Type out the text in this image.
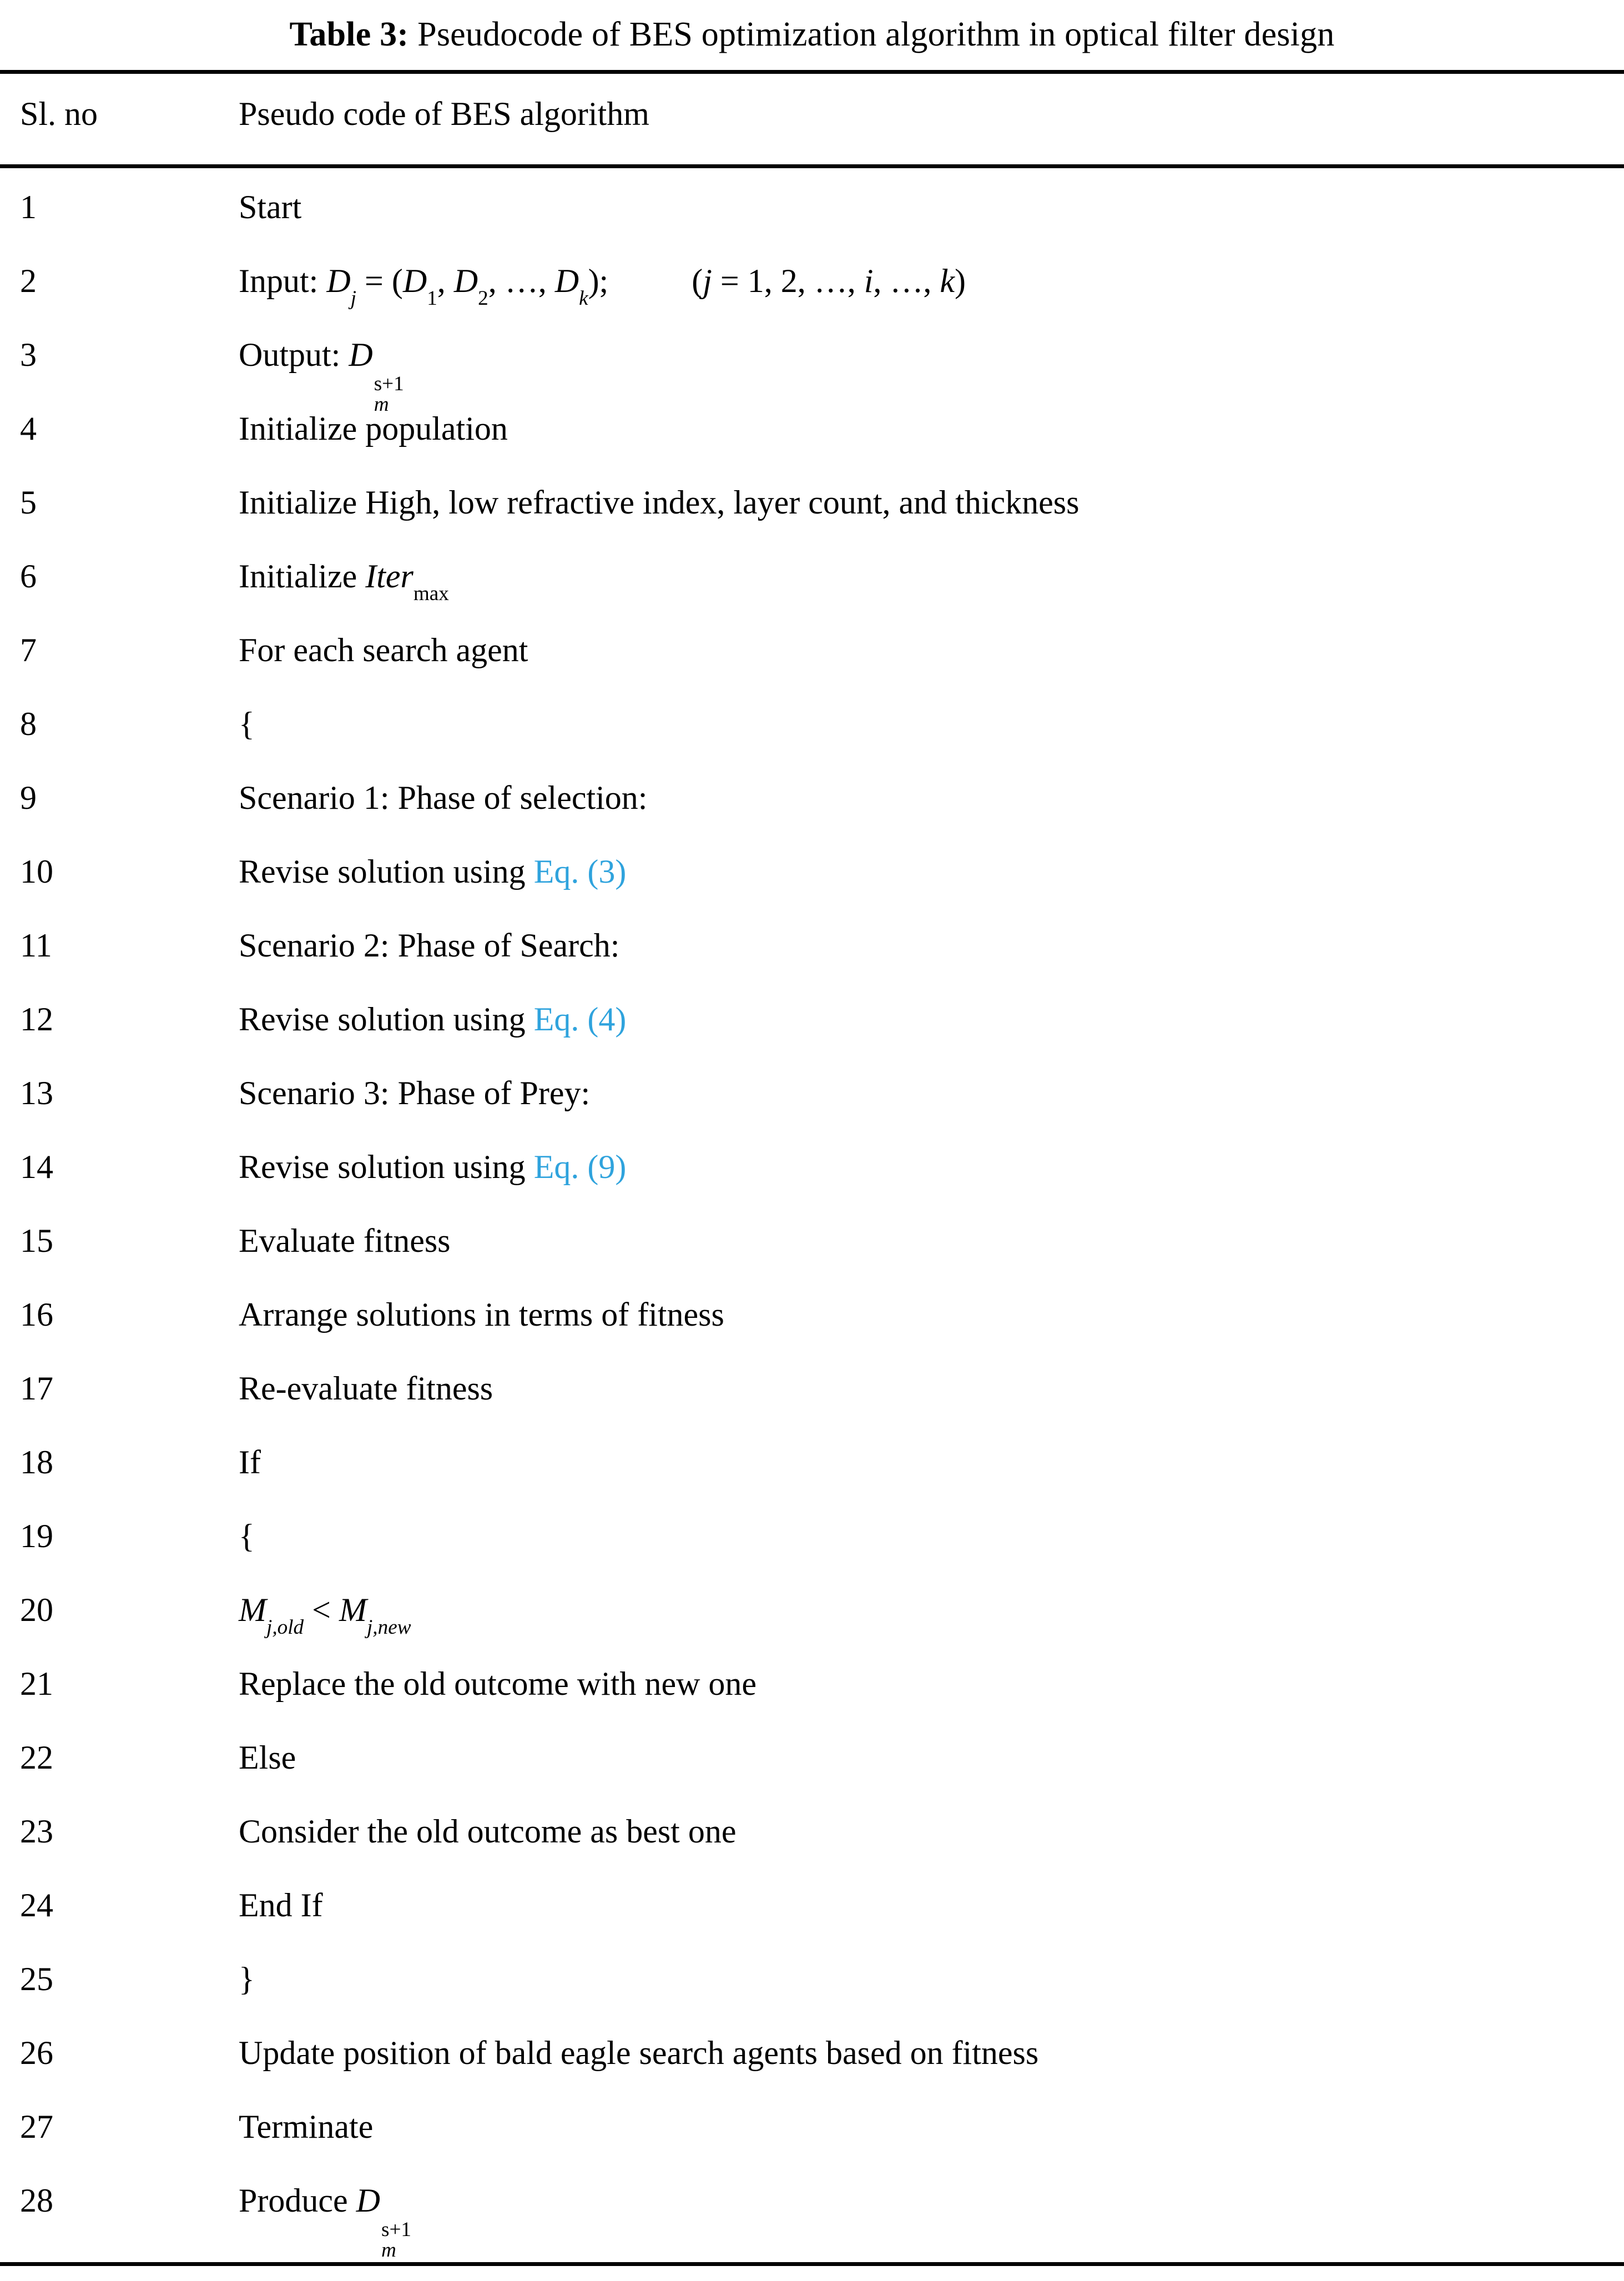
Table 3: Pseudocode of BES optimization algorithm in optical filter design
Sl. no	Pseudo code of BES algorithm
1	Start
2	Input: $D_j = (D_1$, $D_2$, …, $D_k$);	(j = 1, 2, …, i, …, k)
3	Output: D
s+1
m
4	Initialize population
5	Initialize High, low refractive index, layer count, and thickness
6	Initialize Iter$_{max}$
7	For each search agent
8	{
9	Scenario 1: Phase of selection:
10	Revise solution using Eq. (3)
11	Scenario 2: Phase of Search:
12	Revise solution using Eq. (4)
13	Scenario 3: Phase of Prey:
14	Revise solution using Eq. (9)
15	Evaluate fitness
16	Arrange solutions in terms of fitness
17	Re-evaluate fitness
18	If
19	{
20	$M_{j,old} < M_{j,new}$
21	Replace the old outcome with new one
22	Else
23	Consider the old outcome as best one
24	End If
25	}
26	Update position of bald eagle search agents based on fitness
27	Terminate
28	Produce D
s+1
m
